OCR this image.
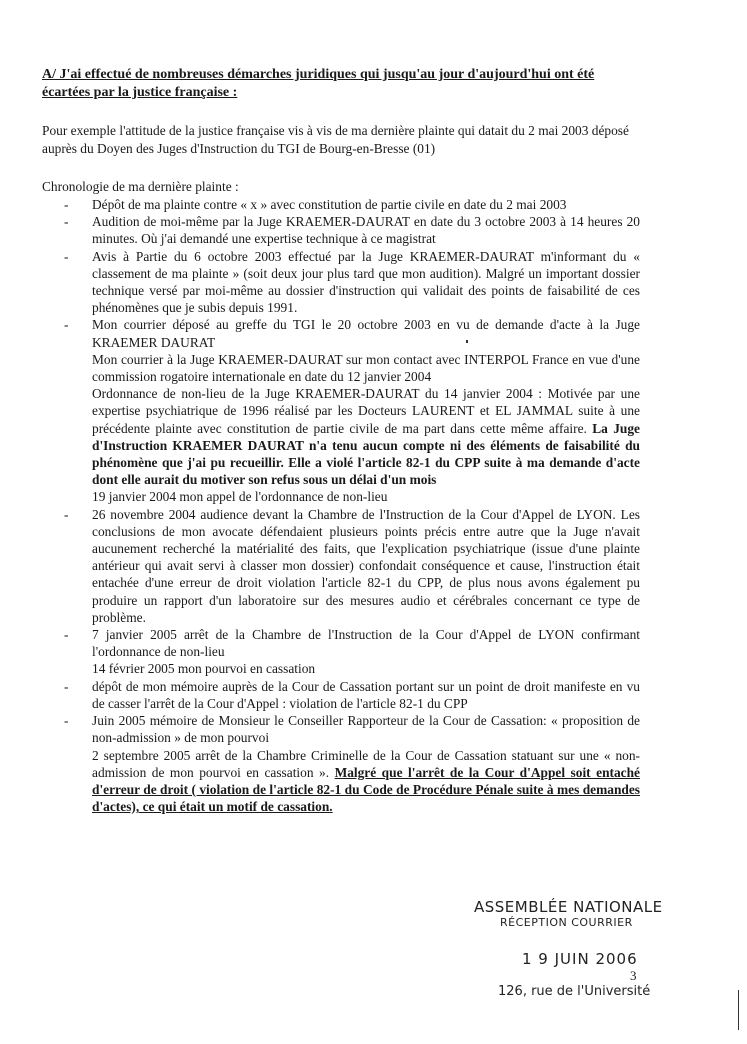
A/ J'ai effectué de nombreuses démarches juridiques qui jusqu'au jour d'aujourd'hui ont été écartées par la justice française :

Pour exemple l'attitude de la justice française vis à vis de ma dernière plainte qui datait du 2 mai 2003 déposé auprès du Doyen des Juges d'Instruction du TGI de Bourg-en-Bresse (01)

Chronologie de ma dernière plainte :

- Dépôt de ma plainte contre « x » avec constitution de partie civile en date du 2 mai 2003

- Audition de moi-même par la Juge KRAEMER-DAURAT en date du 3 octobre 2003 à 14 heures 20 minutes. Où j'ai demandé une expertise technique à ce magistrat

- Avis à Partie du 6 octobre 2003 effectué par la Juge KRAEMER-DAURAT m'informant du « classement de ma plainte » (soit deux jour plus tard que mon audition). Malgré un important dossier technique versé par moi-même au dossier d'instruction qui validait des points de faisabilité de ces phénomènes que je subis depuis 1991.

- Mon courrier déposé au greffe du TGI le 20 octobre 2003 en vu de demande d'acte à la Juge KRAEMER DAURAT

Mon courrier à la Juge KRAEMER-DAURAT sur mon contact avec INTERPOL France en vue d'une commission rogatoire internationale en date du 12 janvier 2004

Ordonnance de non-lieu de la Juge KRAEMER-DAURAT du 14 janvier 2004 : Motivée par une expertise psychiatrique de 1996 réalisé par les Docteurs LAURENT et EL JAMMAL suite à une précédente plainte avec constitution de partie civile de ma part dans cette même affaire. La Juge d'Instruction KRAEMER DAURAT n'a tenu aucun compte ni des éléments de faisabilité du phénomène que j'ai pu recueillir. Elle a violé l'article 82-1 du CPP suite à ma demande d'acte dont elle aurait du motiver son refus sous un délai d'un mois

19 janvier 2004 mon appel de l'ordonnance de non-lieu

- 26 novembre 2004 audience devant la Chambre de l'Instruction de la Cour d'Appel de LYON. Les conclusions de mon avocate défendaient plusieurs points précis entre autre que la Juge n'avait aucunement recherché la matérialité des faits, que l'explication psychiatrique (issue d'une plainte antérieur qui avait servi à classer mon dossier) confondait conséquence et cause, l'instruction était entachée d'une erreur de droit violation l'article 82-1 du CPP, de plus nous avons également pu produire un rapport d'un laboratoire sur des mesures audio et cérébrales concernant ce type de problème.

- 7 janvier 2005 arrêt de la Chambre de l'Instruction de la Cour d'Appel de LYON confirmant l'ordonnance de non-lieu

14 février 2005 mon pourvoi en cassation

- dépôt de mon mémoire auprès de la Cour de Cassation portant sur un point de droit manifeste en vu de casser l'arrêt de la Cour d'Appel : violation de l'article 82-1 du CPP

- Juin 2005 mémoire de Monsieur le Conseiller Rapporteur de la Cour de Cassation: « proposition de non-admission » de mon pourvoi

2 septembre 2005 arrêt de la Chambre Criminelle de la Cour de Cassation statuant sur une « non-admission de mon pourvoi en cassation ». Malgré que l'arrêt de la Cour d'Appel soit entaché d'erreur de droit ( violation de l'article 82-1 du Code de Procédure Pénale suite à mes demandes d'actes), ce qui était un motif de cassation.

ASSEMBLÉE NATIONALE
RÉCEPTION COURRIER
1 9 JUIN 2006
3
126, rue de l'Université
